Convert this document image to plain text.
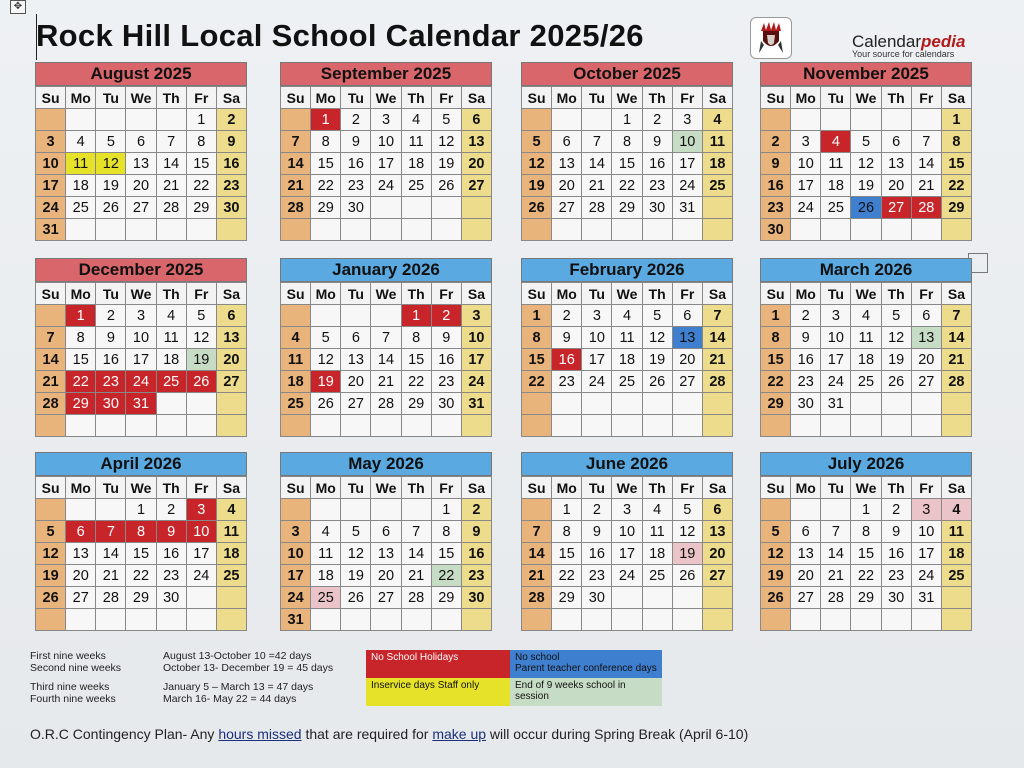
✥
Rock Hill Local School Calendar 2025/26	Calendarpedia
Your source for calendars
August 2025
Su	Mo	Tu	We	Th	Fr	Sa
					1	2
3	4	5	6	7	8	9
10	11	12	13	14	15	16
17	18	19	20	21	22	23
24	25	26	27	28	29	30
31						
September 2025
Su	Mo	Tu	We	Th	Fr	Sa
	1	2	3	4	5	6
7	8	9	10	11	12	13
14	15	16	17	18	19	20
21	22	23	24	25	26	27
28	29	30				

October 2025
Su	Mo	Tu	We	Th	Fr	Sa
			1	2	3	4
5	6	7	8	9	10	11
12	13	14	15	16	17	18
19	20	21	22	23	24	25
26	27	28	29	30	31	

November 2025
Su	Mo	Tu	We	Th	Fr	Sa
						1
2	3	4	5	6	7	8
9	10	11	12	13	14	15
16	17	18	19	20	21	22
23	24	25	26	27	28	29
30						
December 2025
Su	Mo	Tu	We	Th	Fr	Sa
	1	2	3	4	5	6
7	8	9	10	11	12	13
14	15	16	17	18	19	20
21	22	23	24	25	26	27
28	29	30	31			

January 2026
Su	Mo	Tu	We	Th	Fr	Sa
				1	2	3
4	5	6	7	8	9	10
11	12	13	14	15	16	17
18	19	20	21	22	23	24
25	26	27	28	29	30	31

February 2026
Su	Mo	Tu	We	Th	Fr	Sa
1	2	3	4	5	6	7
8	9	10	11	12	13	14
15	16	17	18	19	20	21
22	23	24	25	26	27	28

March 2026
Su	Mo	Tu	We	Th	Fr	Sa
1	2	3	4	5	6	7
8	9	10	11	12	13	14
15	16	17	18	19	20	21
22	23	24	25	26	27	28
29	30	31				

April 2026
Su	Mo	Tu	We	Th	Fr	Sa
			1	2	3	4
5	6	7	8	9	10	11
12	13	14	15	16	17	18
19	20	21	22	23	24	25
26	27	28	29	30		

May 2026
Su	Mo	Tu	We	Th	Fr	Sa
					1	2
3	4	5	6	7	8	9
10	11	12	13	14	15	16
17	18	19	20	21	22	23
24	25	26	27	28	29	30
31						
June 2026
Su	Mo	Tu	We	Th	Fr	Sa
	1	2	3	4	5	6
7	8	9	10	11	12	13
14	15	16	17	18	19	20
21	22	23	24	25	26	27
28	29	30				

July 2026
Su	Mo	Tu	We	Th	Fr	Sa
			1	2	3	4
5	6	7	8	9	10	11
12	13	14	15	16	17	18
19	20	21	22	23	24	25
26	27	28	29	30	31	

First nine weeks
Second nine weeks
Third nine weeks
Fourth nine weeks
August 13-October 10 =42 days
October 13- December 19 = 45 days
January 5 – March 13 = 47 days
March 16- May 22 = 44 days
No School Holidays	No school
Parent teacher conference days
Inservice days Staff only	End of 9 weeks school in session
O.R.C Contingency Plan- Any hours missed that are required for make up will occur during Spring Break (April 6-10)
